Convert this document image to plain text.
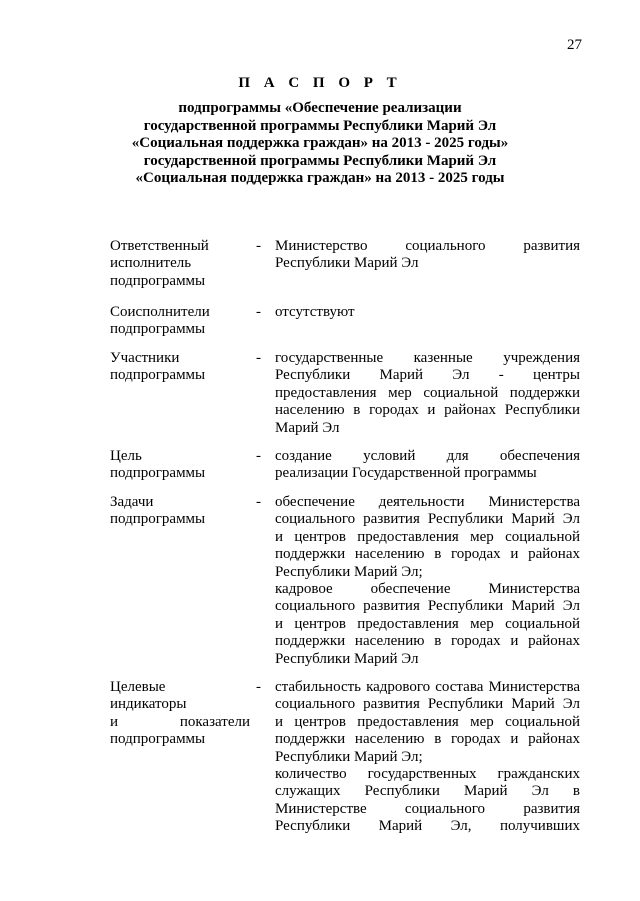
27
П А С П О Р Т
подпрограммы «Обеспечение реализации
государственной программы Республики Марий Эл
«Социальная поддержка граждан» на 2013 - 2025 годы»
государственной программы Республики Марий Эл
«Социальная поддержка граждан» на 2013 - 2025 годы
Ответственный
исполнитель
подпрограммы
- Министерство социального развития
Республики Марий Эл
Соисполнители
подпрограммы
- отсутствуют
Участники
подпрограммы
- государственные казенные учреждения
Республики Марий Эл - центры
предоставления мер социальной поддержки
населению в городах и районах Республики
Марий Эл
Цель
подпрограммы
- создание условий для обеспечения
реализации Государственной программы
Задачи
подпрограммы
- обеспечение деятельности Министерства
социального развития Республики Марий Эл
и центров предоставления мер социальной
поддержки населению в городах и районах
Республики Марий Эл;
кадровое обеспечение Министерства
социального развития Республики Марий Эл
и центров предоставления мер социальной
поддержки населению в городах и районах
Республики Марий Эл
Целевые
индикаторы
и показатели
подпрограммы
- стабильность кадрового состава Министерства
социального развития Республики Марий Эл
и центров предоставления мер социальной
поддержки населению в городах и районах
Республики Марий Эл;
количество государственных гражданских
служащих Республики Марий Эл в
Министерстве социального развития
Республики Марий Эл, получивших
